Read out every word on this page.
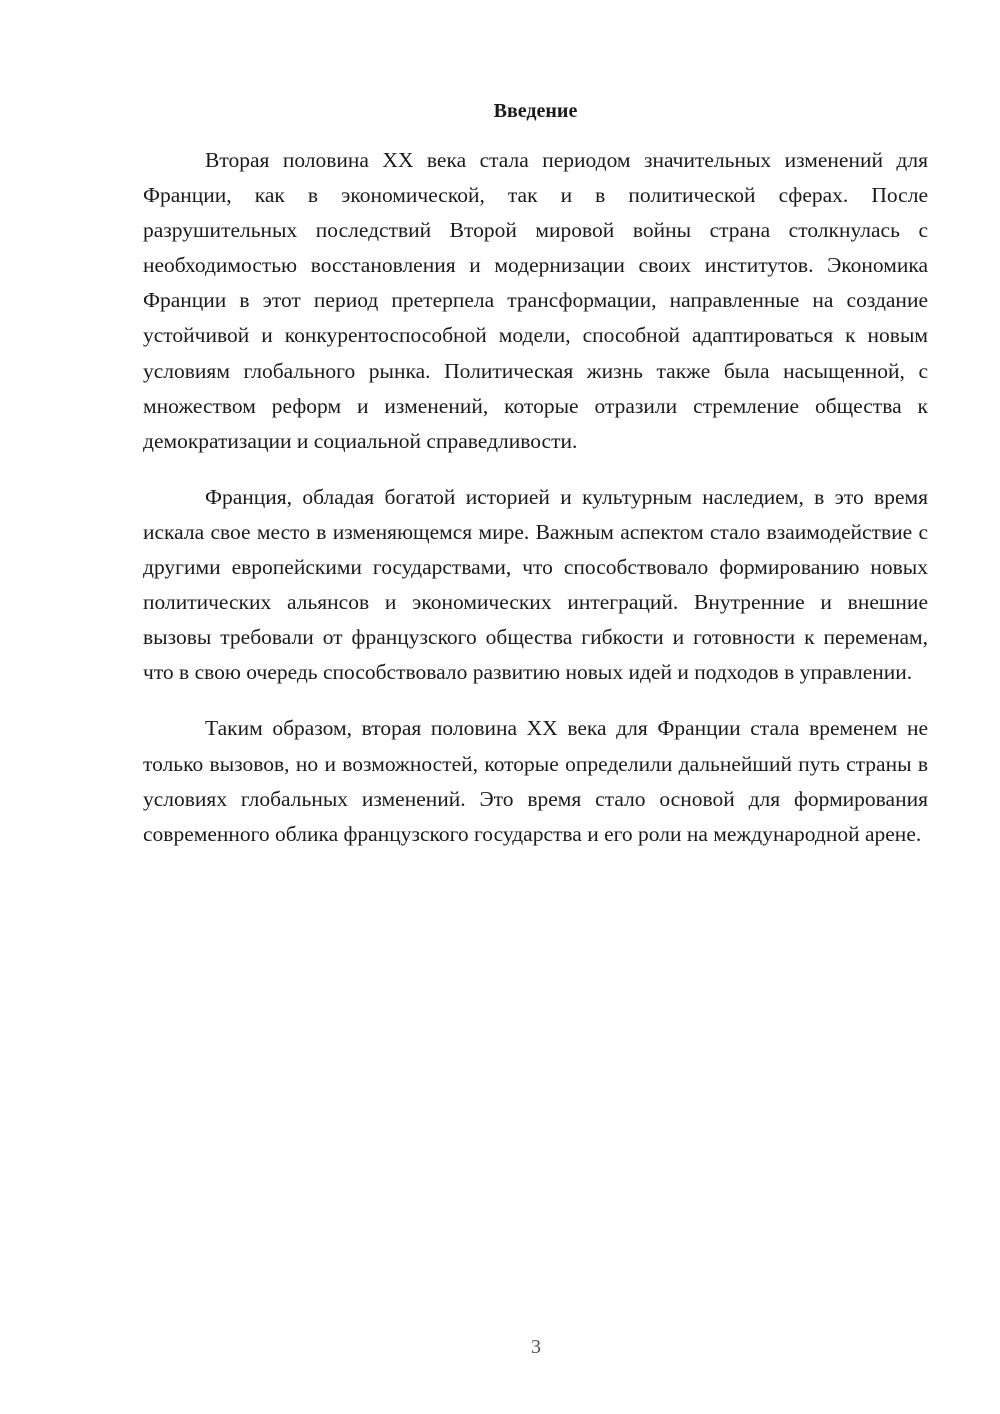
Введение

Вторая половина XX века стала периодом значительных изменений для Франции, как в экономической, так и в политической сферах. После разрушительных последствий Второй мировой войны страна столкнулась с необходимостью восстановления и модернизации своих институтов. Экономика Франции в этот период претерпела трансформации, направленные на создание устойчивой и конкурентоспособной модели, способной адаптироваться к новым условиям глобального рынка. Политическая жизнь также была насыщенной, с множеством реформ и изменений, которые отразили стремление общества к демократизации и социальной справедливости.

Франция, обладая богатой историей и культурным наследием, в это время искала свое место в изменяющемся мире. Важным аспектом стало взаимодействие с другими европейскими государствами, что способствовало формированию новых политических альянсов и экономических интеграций. Внутренние и внешние вызовы требовали от французского общества гибкости и готовности к переменам, что в свою очередь способствовало развитию новых идей и подходов в управлении.

Таким образом, вторая половина XX века для Франции стала временем не только вызовов, но и возможностей, которые определили дальнейший путь страны в условиях глобальных изменений. Это время стало основой для формирования современного облика французского государства и его роли на международной арене.

3
